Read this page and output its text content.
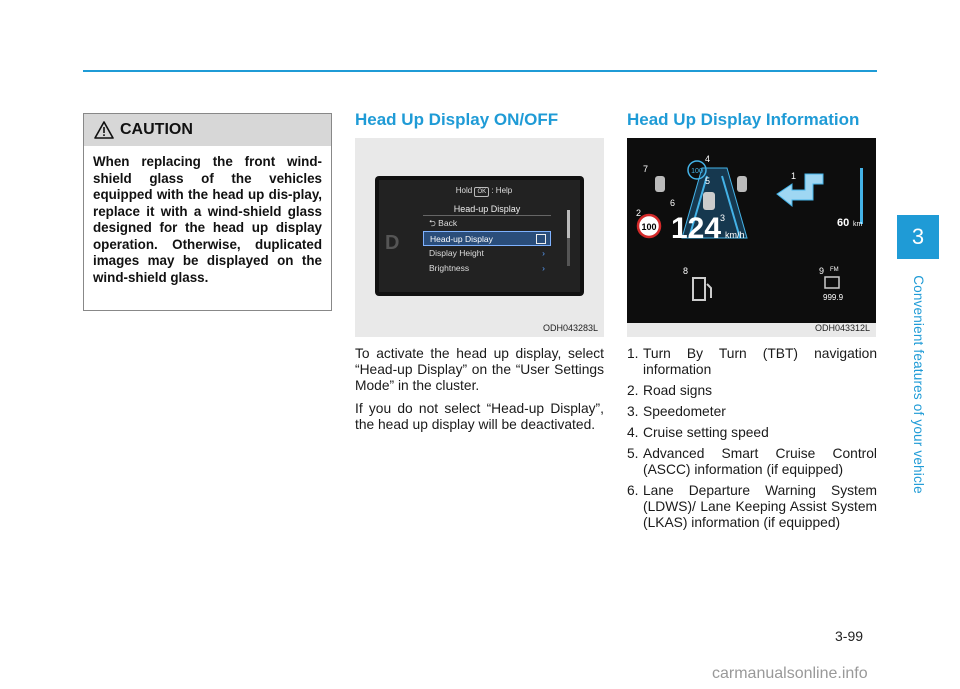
3
Convenient features of your vehicle
CAUTION
When replacing the front wind-shield glass of the vehicles equipped with the head up dis-play, replace it with a wind-shield glass designed for the head up display operation. Otherwise, duplicated images may be displayed on the wind-shield glass.
Head Up Display ON/OFF
Hold OK : Help
D
Head-up Display
⮌ Back
Head-up Display
Display Height	›
Brightness	›
ODH043283L

To activate the head up display, select “Head-up Display” on the “User Settings Mode” in the cluster.

If you do not select “Head-up Display”, the head up display will be deactivated.

Head Up Display Information
100
100 124 km/h
60 km
FM
999.9
1
2	3
4
5
6
7
8	9
ODH043312L
1. Turn By Turn (TBT) navigation information
2. Road signs
3. Speedometer
4. Cruise setting speed
5. Advanced Smart Cruise Control (ASCC) information (if equipped)
6. Lane Departure Warning System (LDWS)/ Lane Keeping Assist System (LKAS) information (if equipped)
3-99
carmanualsonline.info
